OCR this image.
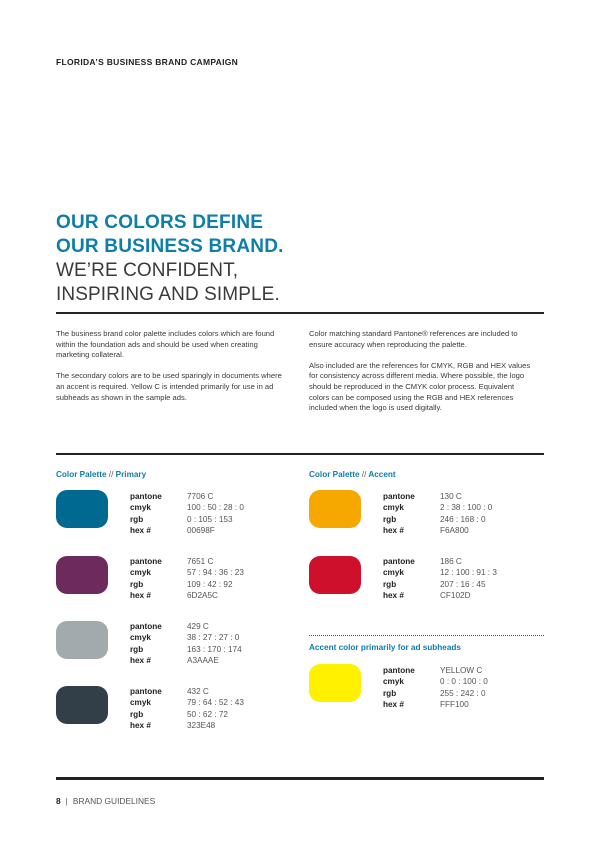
FLORIDA’S BUSINESS BRAND CAMPAIGN
OUR COLORS DEFINE
OUR BUSINESS BRAND.
WE’RE CONFIDENT,
INSPIRING AND SIMPLE.

The business brand color palette includes colors which are found within the foundation ads and should be used when creating marketing collateral.

The secondary colors are to be used sparingly in documents where an accent is required. Yellow C is intended primarily for use in ad subheads as shown in the sample ads.

Color matching standard Pantone® references are included to ensure accuracy when reproducing the palette.

Also included are the references for CMYK, RGB and HEX values for consistency across different media. Where possible, the logo should be reproduced in the CMYK color process. Equivalent colors can be composed using the RGB and HEX references included when the logo is used digitally.

Color Palette // Primary
pantone	7706 C
cmyk	100 : 50 : 28 : 0
rgb	0 : 105 : 153
hex #	00698F
pantone	7651 C
cmyk	57 : 94 : 36 : 23
rgb	109 : 42 : 92
hex #	6D2A5C
pantone	429 C
cmyk	38 : 27 : 27 : 0
rgb	163 : 170 : 174
hex #	A3AAAE
pantone	432 C
cmyk	79 : 64 : 52 : 43
rgb	50 : 62 : 72
hex #	323E48
Color Palette // Accent
pantone	130 C
cmyk	2 : 38 : 100 : 0
rgb	246 : 168 : 0
hex #	F6A800
pantone	186 C
cmyk	12 : 100 : 91 : 3
rgb	207 : 16 : 45
hex #	CF102D
Accent color primarily for ad subheads
pantone	YELLOW C
cmyk	0 : 0 : 100 : 0
rgb	255 : 242 : 0
hex #	FFF100
8 | BRAND GUIDELINES
